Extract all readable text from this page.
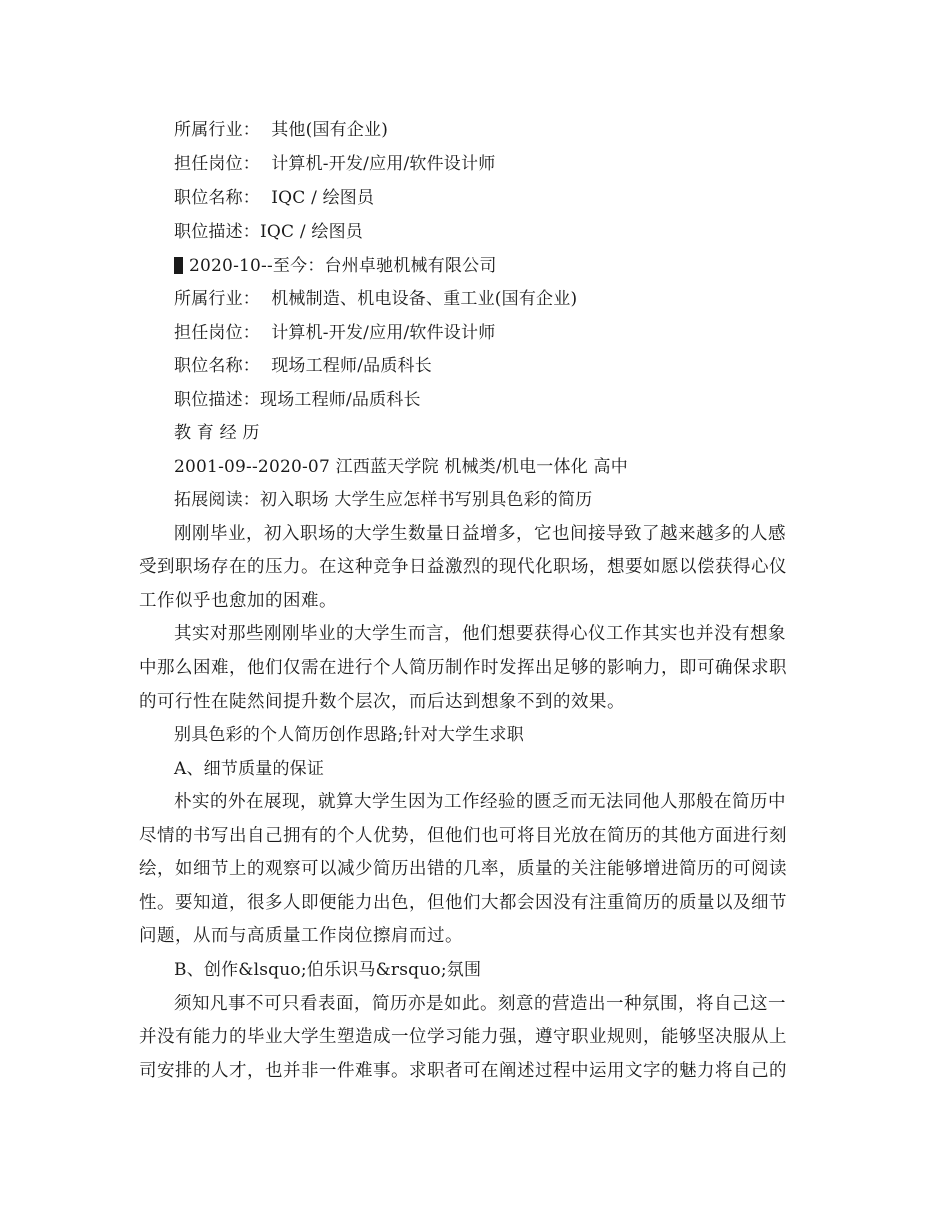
所属行业：  其他(国有企业)
担任岗位：  计算机-开发/应用/软件设计师
职位名称：  IQC / 绘图员
职位描述：IQC / 绘图员
2020-10--至今：台州卓驰机械有限公司
所属行业：  机械制造、机电设备、重工业(国有企业)
担任岗位：  计算机-开发/应用/软件设计师
职位名称：  现场工程师/品质科长
职位描述：现场工程师/品质科长
教 育 经 历
2001-09--2020-07 江西蓝天学院 机械类/机电一体化 高中
拓展阅读：初入职场 大学生应怎样书写别具色彩的简历
刚刚毕业，初入职场的大学生数量日益增多，它也间接导致了越来越多的人感
受到职场存在的压力。在这种竞争日益激烈的现代化职场，想要如愿以偿获得心仪
工作似乎也愈加的困难。
其实对那些刚刚毕业的大学生而言，他们想要获得心仪工作其实也并没有想象
中那么困难，他们仅需在进行个人简历制作时发挥出足够的影响力，即可确保求职
的可行性在陡然间提升数个层次，而后达到想象不到的效果。
别具色彩的个人简历创作思路;针对大学生求职
A、细节质量的保证
朴实的外在展现，就算大学生因为工作经验的匮乏而无法同他人那般在简历中
尽情的书写出自己拥有的个人优势，但他们也可将目光放在简历的其他方面进行刻
绘，如细节上的观察可以减少简历出错的几率，质量的关注能够增进简历的可阅读
性。要知道，很多人即便能力出色，但他们大都会因没有注重简历的质量以及细节
问题，从而与高质量工作岗位擦肩而过。
B、创作&lsquo;伯乐识马&rsquo;氛围
须知凡事不可只看表面，简历亦是如此。刻意的营造出一种氛围，将自己这一
并没有能力的毕业大学生塑造成一位学习能力强，遵守职业规则，能够坚决服从上
司安排的人才，也并非一件难事。求职者可在阐述过程中运用文字的魅力将自己的
